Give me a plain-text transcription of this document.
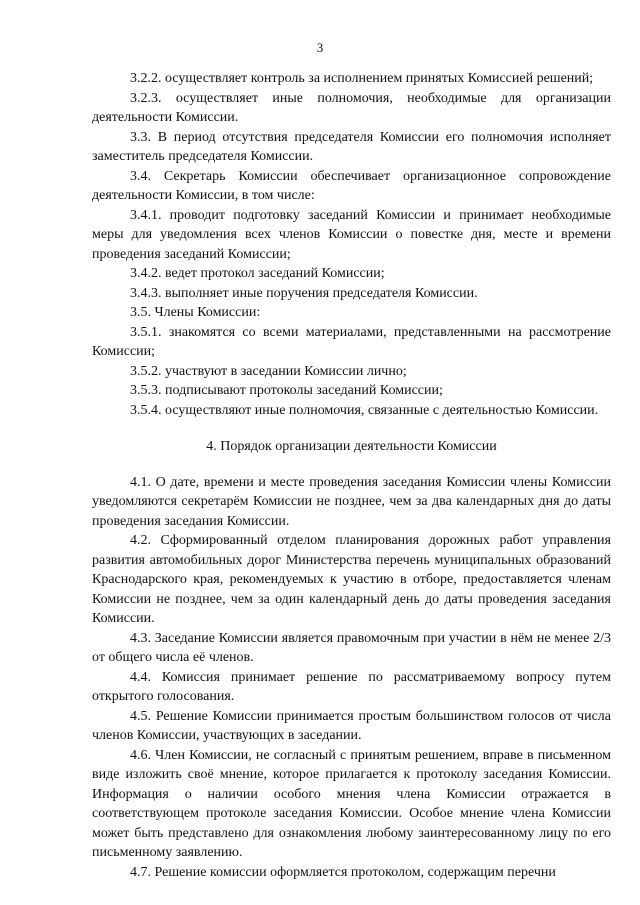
3

3.2.2. осуществляет контроль за исполнением принятых Комиссией решений;

3.2.3. осуществляет иные полномочия, необходимые для организации деятельности Комиссии.

3.3. В период отсутствия председателя Комиссии его полномочия исполняет заместитель председателя Комиссии.

3.4. Секретарь Комиссии обеспечивает организационное сопровождение деятельности Комиссии, в том числе:

3.4.1. проводит подготовку заседаний Комиссии и принимает необходимые меры для уведомления всех членов Комиссии о повестке дня, месте и времени проведения заседаний Комиссии;

3.4.2. ведет протокол заседаний Комиссии;

3.4.3. выполняет иные поручения председателя Комиссии.

3.5. Члены Комиссии:

3.5.1. знакомятся со всеми материалами, представленными на рассмотрение Комиссии;

3.5.2. участвуют в заседании Комиссии лично;

3.5.3. подписывают протоколы заседаний Комиссии;

3.5.4. осуществляют иные полномочия, связанные с деятельностью Комиссии.

4. Порядок организации деятельности Комиссии

4.1. О дате, времени и месте проведения заседания Комиссии члены Комиссии уведомляются секретарём Комиссии не позднее, чем за два календарных дня до даты проведения заседания Комиссии.

4.2. Сформированный отделом планирования дорожных работ управления развития автомобильных дорог Министерства перечень муниципальных образований Краснодарского края, рекомендуемых к участию в отборе, предоставляется членам Комиссии не позднее, чем за один календарный день до даты проведения заседания Комиссии.

4.3. Заседание Комиссии является правомочным при участии в нём не менее 2/3 от общего числа её членов.

4.4. Комиссия принимает решение по рассматриваемому вопросу путем открытого голосования.

4.5. Решение Комиссии принимается простым большинством голосов от числа членов Комиссии, участвующих в заседании.

4.6. Член Комиссии, не согласный с принятым решением, вправе в письменном виде изложить своё мнение, которое прилагается к протоколу заседания Комиссии. Информация о наличии особого мнения члена Комиссии отражается в соответствующем протоколе заседания Комиссии. Особое мнение члена Комиссии может быть представлено для ознакомления любому заинтересованному лицу по его письменному заявлению.

4.7. Решение комиссии оформляется протоколом, содержащим перечни
